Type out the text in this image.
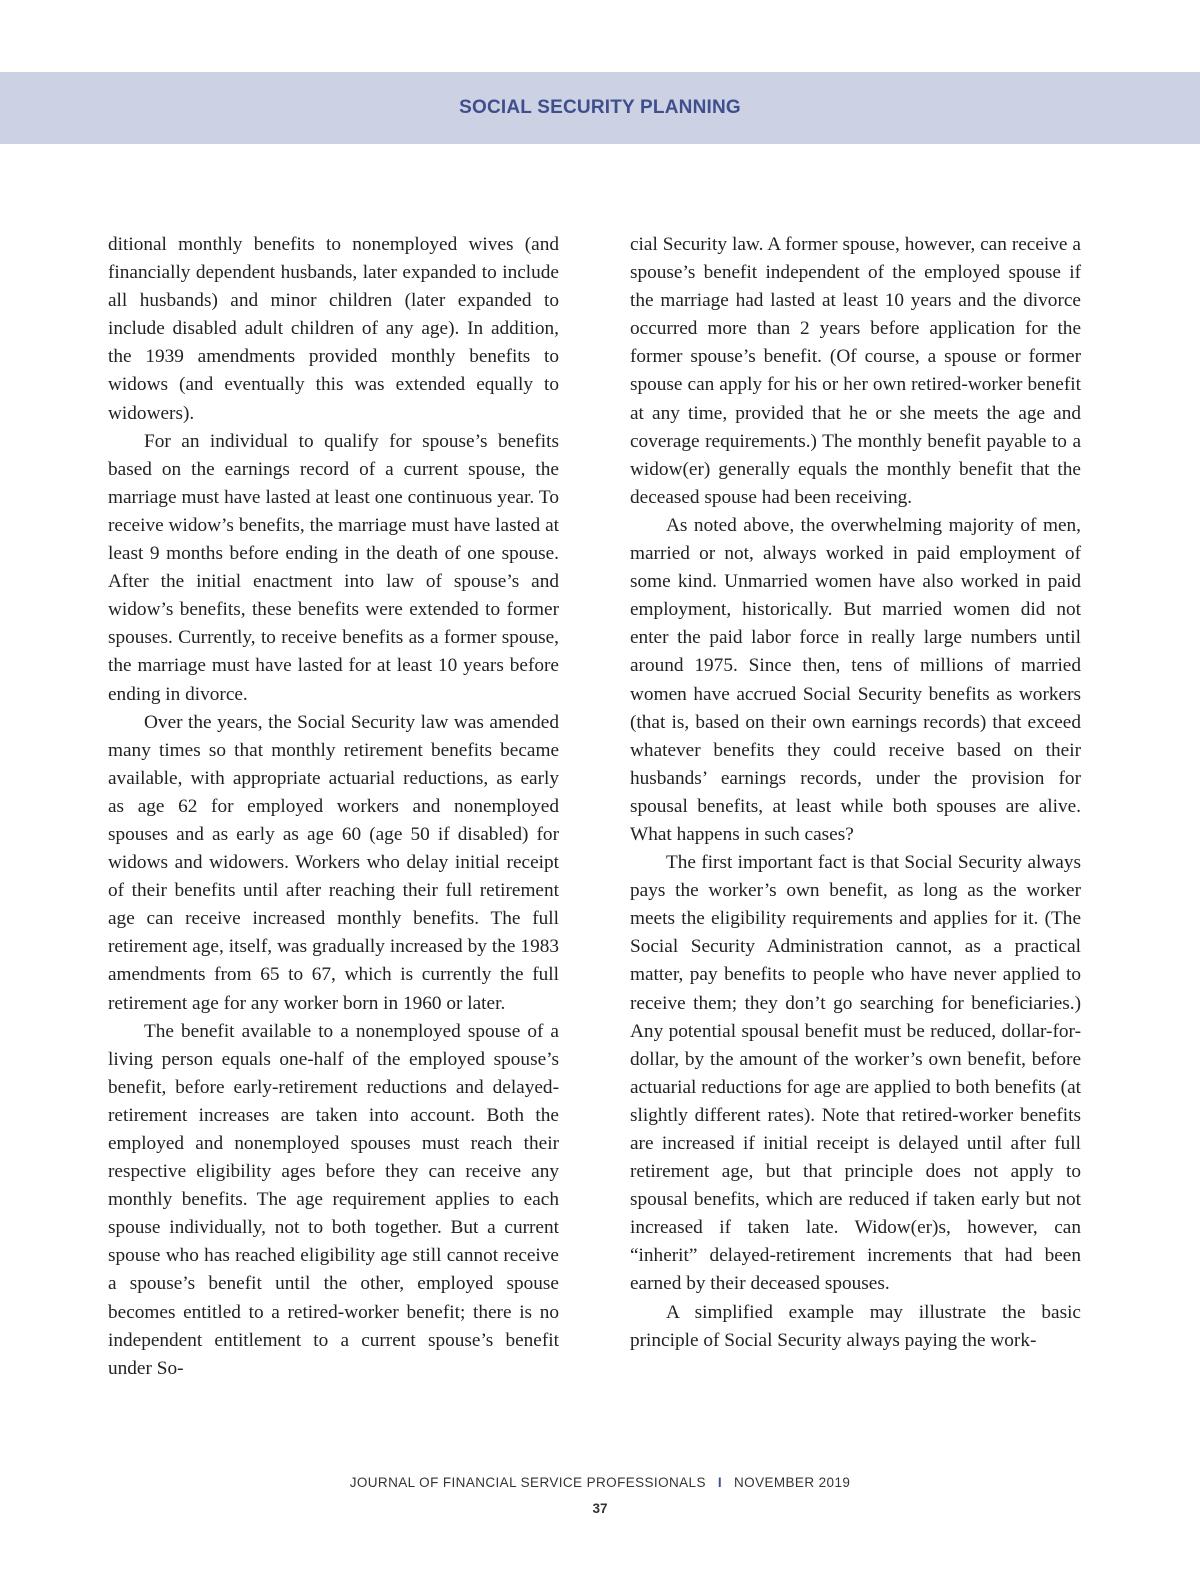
SOCIAL SECURITY PLANNING

ditional monthly benefits to nonemployed wives (and financially dependent husbands, later expanded to include all husbands) and minor children (later expanded to include disabled adult children of any age). In addition, the 1939 amendments provided monthly benefits to widows (and eventually this was extended equally to widowers).

For an individual to qualify for spouse’s benefits based on the earnings record of a current spouse, the marriage must have lasted at least one continuous year. To receive widow’s benefits, the marriage must have lasted at least 9 months before ending in the death of one spouse. After the initial enactment into law of spouse’s and widow’s benefits, these benefits were extended to former spouses. Currently, to receive benefits as a former spouse, the marriage must have lasted for at least 10 years before ending in divorce.

Over the years, the Social Security law was amended many times so that monthly retirement benefits became available, with appropriate actuarial reductions, as early as age 62 for employed workers and nonemployed spouses and as early as age 60 (age 50 if disabled) for widows and widowers. Workers who delay initial receipt of their benefits until after reaching their full retirement age can receive increased monthly benefits. The full retirement age, itself, was gradually increased by the 1983 amendments from 65 to 67, which is currently the full retirement age for any worker born in 1960 or later.

The benefit available to a nonemployed spouse of a living person equals one-half of the employed spouse’s benefit, before early-retirement reductions and delayed-retirement increases are taken into account. Both the employed and nonemployed spouses must reach their respective eligibility ages before they can receive any monthly benefits. The age requirement applies to each spouse individually, not to both together. But a current spouse who has reached eligibility age still cannot receive a spouse’s benefit until the other, employed spouse becomes entitled to a retired-worker benefit; there is no independent entitlement to a current spouse’s benefit under So-

cial Security law. A former spouse, however, can receive a spouse’s benefit independent of the employed spouse if the marriage had lasted at least 10 years and the divorce occurred more than 2 years before application for the former spouse’s benefit. (Of course, a spouse or former spouse can apply for his or her own retired-worker benefit at any time, provided that he or she meets the age and coverage requirements.) The monthly benefit payable to a widow(er) generally equals the monthly benefit that the deceased spouse had been receiving.

As noted above, the overwhelming majority of men, married or not, always worked in paid employment of some kind. Unmarried women have also worked in paid employment, historically. But married women did not enter the paid labor force in really large numbers until around 1975. Since then, tens of millions of married women have accrued Social Security benefits as workers (that is, based on their own earnings records) that exceed whatever benefits they could receive based on their husbands’ earnings records, under the provision for spousal benefits, at least while both spouses are alive. What happens in such cases?

The first important fact is that Social Security always pays the worker’s own benefit, as long as the worker meets the eligibility requirements and applies for it. (The Social Security Administration cannot, as a practical matter, pay benefits to people who have never applied to receive them; they don’t go searching for beneficiaries.) Any potential spousal benefit must be reduced, dollar-for-dollar, by the amount of the worker’s own benefit, before actuarial reductions for age are applied to both benefits (at slightly different rates). Note that retired-worker benefits are increased if initial receipt is delayed until after full retirement age, but that principle does not apply to spousal benefits, which are reduced if taken early but not increased if taken late. Widow(er)s, however, can “inherit” delayed-retirement increments that had been earned by their deceased spouses.

A simplified example may illustrate the basic principle of Social Security always paying the work-

JOURNAL OF FINANCIAL SERVICE PROFESSIONALS I NOVEMBER 2019
37
